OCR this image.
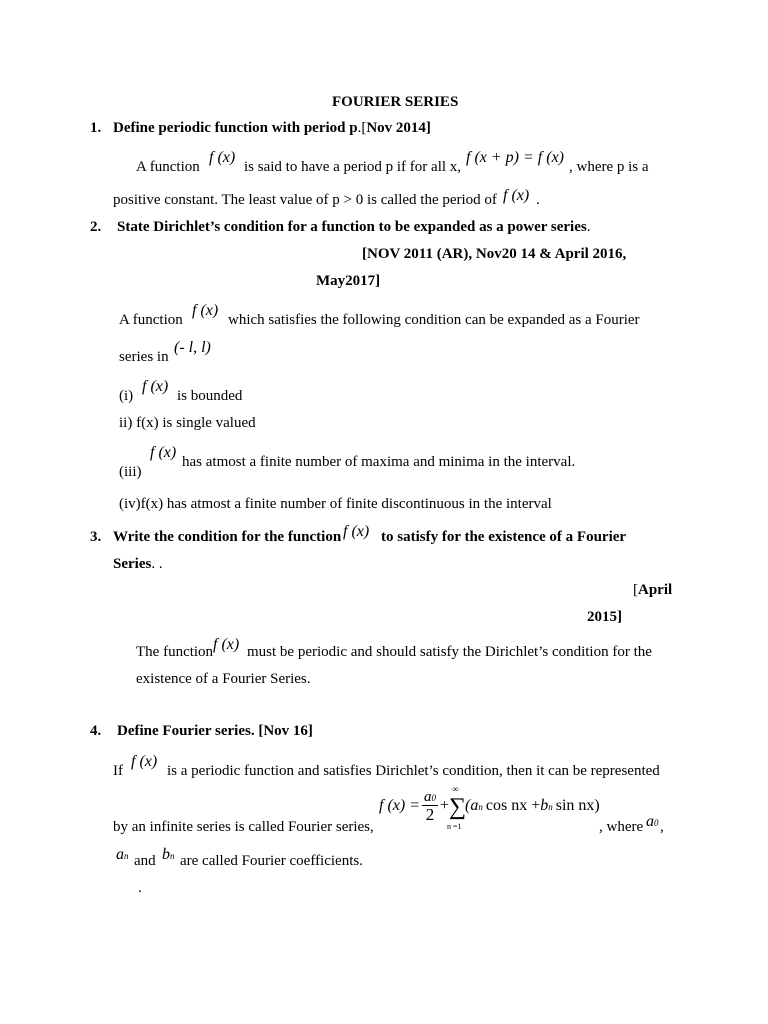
FOURIER SERIES
1. Define periodic function with period p.[Nov 2014]
A function
f (x)
is said to have a period p if for all x,
f (x + p) = f (x)
, where p is a
positive constant. The least value of p > 0 is called the period of f (x) .
2. State Dirichlet’s condition for a function to be expanded as a power series.
[NOV 2011 (AR), Nov20 14 & April 2016,
May2017]
A function
f (x)
which satisfies the following condition can be expanded as a Fourier
series in
(- l, l)
(i)
f (x)
is bounded
ii) f(x) is single valued
f (x)
has atmost a finite number of maxima and minima in the interval.
(iii)
(iv)f(x) has atmost a finite number of finite discontinuous in the interval
3. Write the condition for the function f (x) to satisfy for the existence of a Fourier
Series. .
[April
2015]
The function f (x) must be periodic and should satisfy the Dirichlet’s condition for the
existence of a Fourier Series.
4. Define Fourier series. [Nov 16]
If
f (x)
is a periodic function and satisfies Dirichlet’s condition, then it can be represented
by an infinite series is called Fourier series,
f $(x) = \frac{a0}{2}$ +
∞
∑
n =1
(an cos nx +bn sin nx)
, where a0 ,
an and bn are called Fourier coefficients.
.
